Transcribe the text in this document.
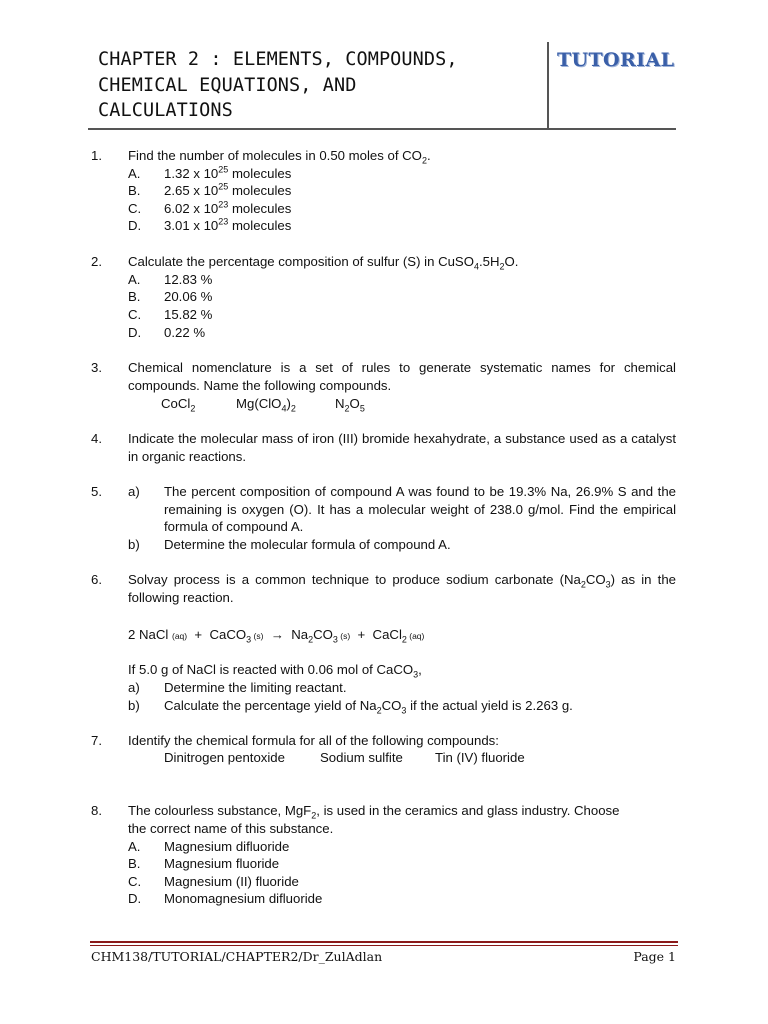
CHAPTER 2 : ELEMENTS, COMPOUNDS,
CHEMICAL EQUATIONS, AND
CALCULATIONS
TUTORIAL
1. Find the number of molecules in 0.50 moles of $CO_2$.
A. 1.32 x $10^{25}$ molecules
B. 2.65 x $10^{25}$ molecules
C. 6.02 x $10^{23}$ molecules
D. 3.01 x $10^{23}$ molecules
2. Calculate the percentage composition of sulfur (S) in $CuSO_4.5H_2O$.
A. 12.83 %
B. 20.06 %
C. 15.82 %
D. 0.22 %
3. Chemical nomenclature is a set of rules to generate systematic names for chemical compounds. Name the following compounds.
CoCl$_2$	$Mg(ClO_4)_2$	$N_2O_5$
4. Indicate the molecular mass of iron (III) bromide hexahydrate, a substance used as a catalyst in organic reactions.
5. a) The percent composition of compound A was found to be 19.3% Na, 26.9% S and the remaining is oxygen (O). It has a molecular weight of 238.0 g/mol. Find the empirical formula of compound A.
b) Determine the molecular formula of compound A.
6. Solvay process is a common technique to produce sodium carbonate $(Na_2CO_3)$ as in the following reaction.
2 NaCl (aq)  +  CaCO$_3$ $(s) \to Na_2CO_3$ (s)  +  CaCl$_2$ (aq)
If 5.0 g of NaCl is reacted with 0.06 mol of CaCO$_3$,
a) Determine the limiting reactant.
b) Calculate the percentage yield of $Na_2CO_3$ if the actual yield is 2.263 g.
7. Identify the chemical formula for all of the following compounds:
Dinitrogen pentoxide	Sodium sulfite Tin (IV) fluoride
8. The colourless substance, MgF$_2$, is used in the ceramics and glass industry. Choose
the correct name of this substance.
A. Magnesium difluoride
B. Magnesium fluoride
C. Magnesium (II) fluoride
D. Monomagnesium difluoride
CHM138/TUTORIAL/CHAPTER2/Dr_ZulAdlan	Page 1
